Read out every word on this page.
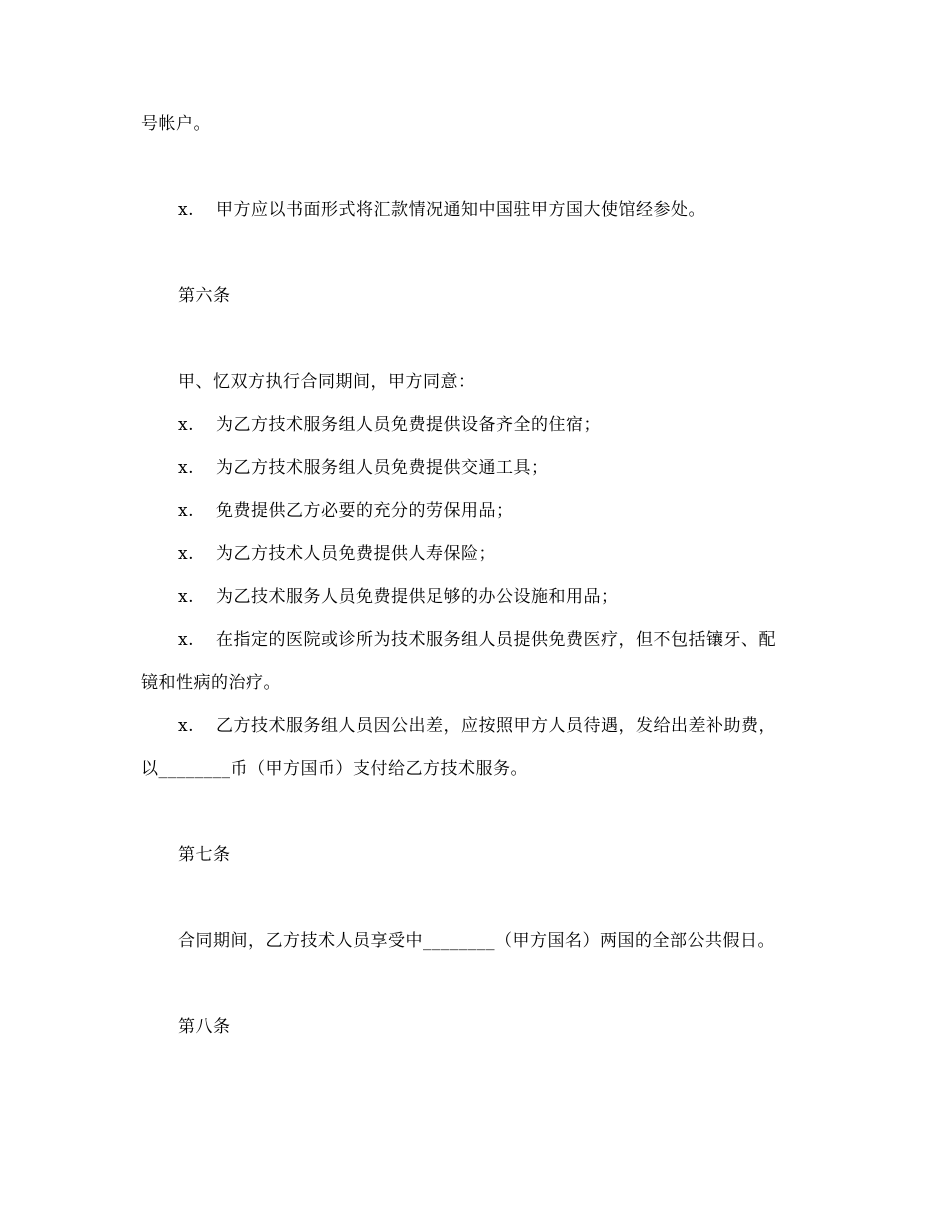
号帐户。
x. 甲方应以书面形式将汇款情况通知中国驻甲方国大使馆经参处。
第六条
甲、忆双方执行合同期间，甲方同意：
x. 为乙方技术服务组人员免费提供设备齐全的住宿；
x. 为乙方技术服务组人员免费提供交通工具；
x. 免费提供乙方必要的充分的劳保用品；
x. 为乙方技术人员免费提供人寿保险；
x. 为乙技术服务人员免费提供足够的办公设施和用品；
x. 在指定的医院或诊所为技术服务组人员提供免费医疗，但不包括镶牙、配
镜和性病的治疗。
x. 乙方技术服务组人员因公出差，应按照甲方人员待遇，发给出差补助费，
以________币（甲方国币）支付给乙方技术服务。
第七条
合同期间，乙方技术人员享受中________（甲方国名）两国的全部公共假日。
第八条
